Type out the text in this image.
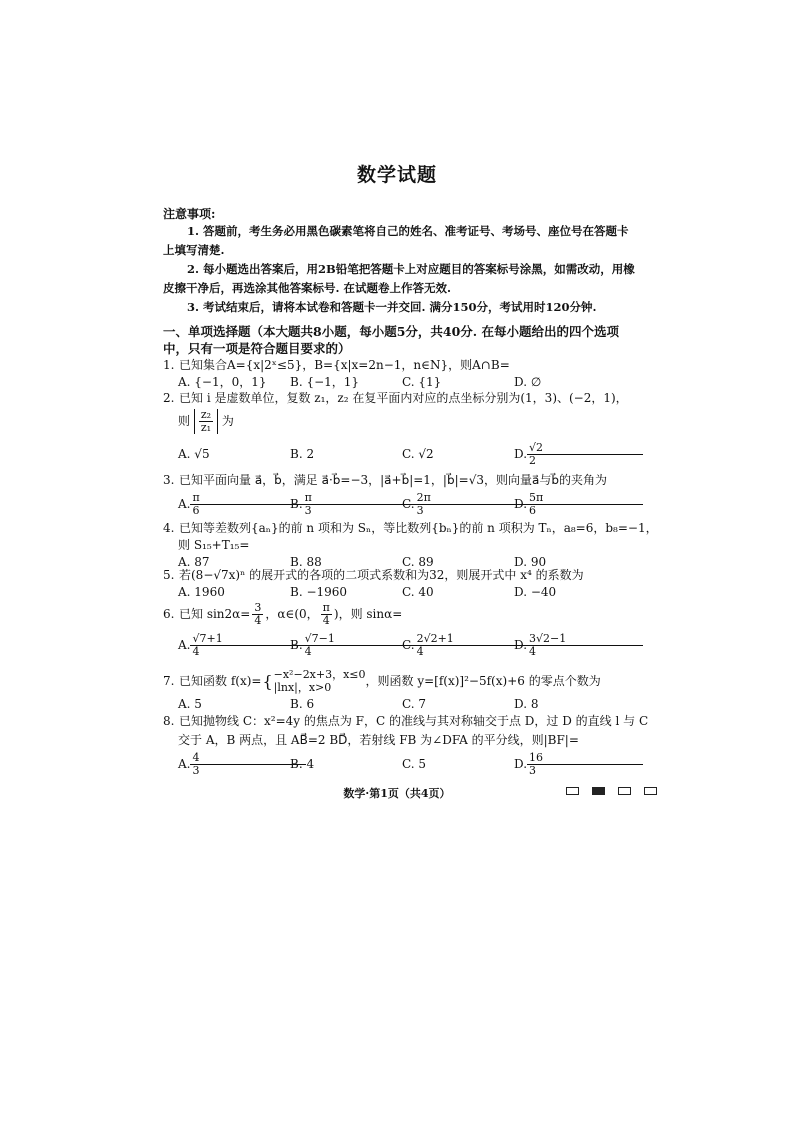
数学试题
注意事项:

1. 答题前，考生务必用黑色碳素笔将自己的姓名、准考证号、考场号、座位号在答题卡上填写清楚.

2. 每小题选出答案后，用2B铅笔把答题卡上对应题目的答案标号涂黑，如需改动，用橡皮擦干净后，再选涂其他答案标号. 在试题卷上作答无效.

3. 考试结束后，请将本试卷和答题卡一并交回. 满分150分，考试用时120分钟.

一、单项选择题（本大题共8小题，每小题5分，共40分. 在每小题给出的四个选项中，只有一项是符合题目要求的）
1. 已知集合A={x|2ˣ≤5}，B={x|x=2n−1，n∈N}，则A∩B=
A. {−1，0，1}	B. {−1，1}	C. {1}	D. ∅
2. 已知 i 是虚数单位，复数 z₁，z₂ 在复平面内对应的点坐标分别为(1，3)、(−2，1)，
则 $\frac{\text{z₂}}{\text{z₁}}$ 为
A. √5	B. 2	C. √2	D. $\frac{√2}{2}$
3. 已知平面向量 a⃗，b⃗，满足 a⃗·b⃗=−3，|a⃗+b⃗|=1，|b⃗|=√3，则向量a⃗与b⃗的夹角为
A. $\frac{\pi}{6}$
B. $\frac{\pi}{3}$
C. $\frac{2\pi}{3}$
D. $\frac{5\pi}{6}$
4. 已知等差数列{aₙ}的前 n 项和为 Sₙ，等比数列{bₙ}的前 n 项积为 Tₙ，a₈=6，b₈=−1，
则 S₁₅+T₁₅=
A. 87	B. 88	C. 89	D. 90
5. 若(8−√7x)ⁿ 的展开式的各项的二项式系数和为32，则展开式中 x⁴ 的系数为
A. 1960	B. −1960	C. 40	D. −40
6. 已知 $\sin 2\alpha= \frac{3}{4}$ ，α∈(0， $\frac{\pi}{4}$ )，则 sinα=
A. $\frac{√7+1}{4}$
B. $\frac{√7-1}{4}$
C. $\frac{2√2+1}{4}$
D. $\frac{3√2-1}{4}$
7. 已知函数 f(x)= { −x²−2x+3，x≤0
|lnx|，x>0	，则函数 y=[f(x)]²−5f(x)+6 的零点个数为
A. 5	B. 6	C. 7	D. 8
8. 已知抛物线 C：x²=4y 的焦点为 F，C 的准线与其对称轴交于点 D，过 D 的直线 l 与 C
交于 A，B 两点，且 AB⃗=2 BD⃗，若射线 FB 为∠DFA 的平分线，则|BF|=
A. $\frac{4}{3}$
B. 4	C. 5	D. $\frac{16}{3}$
数学·第1页（共4页）
